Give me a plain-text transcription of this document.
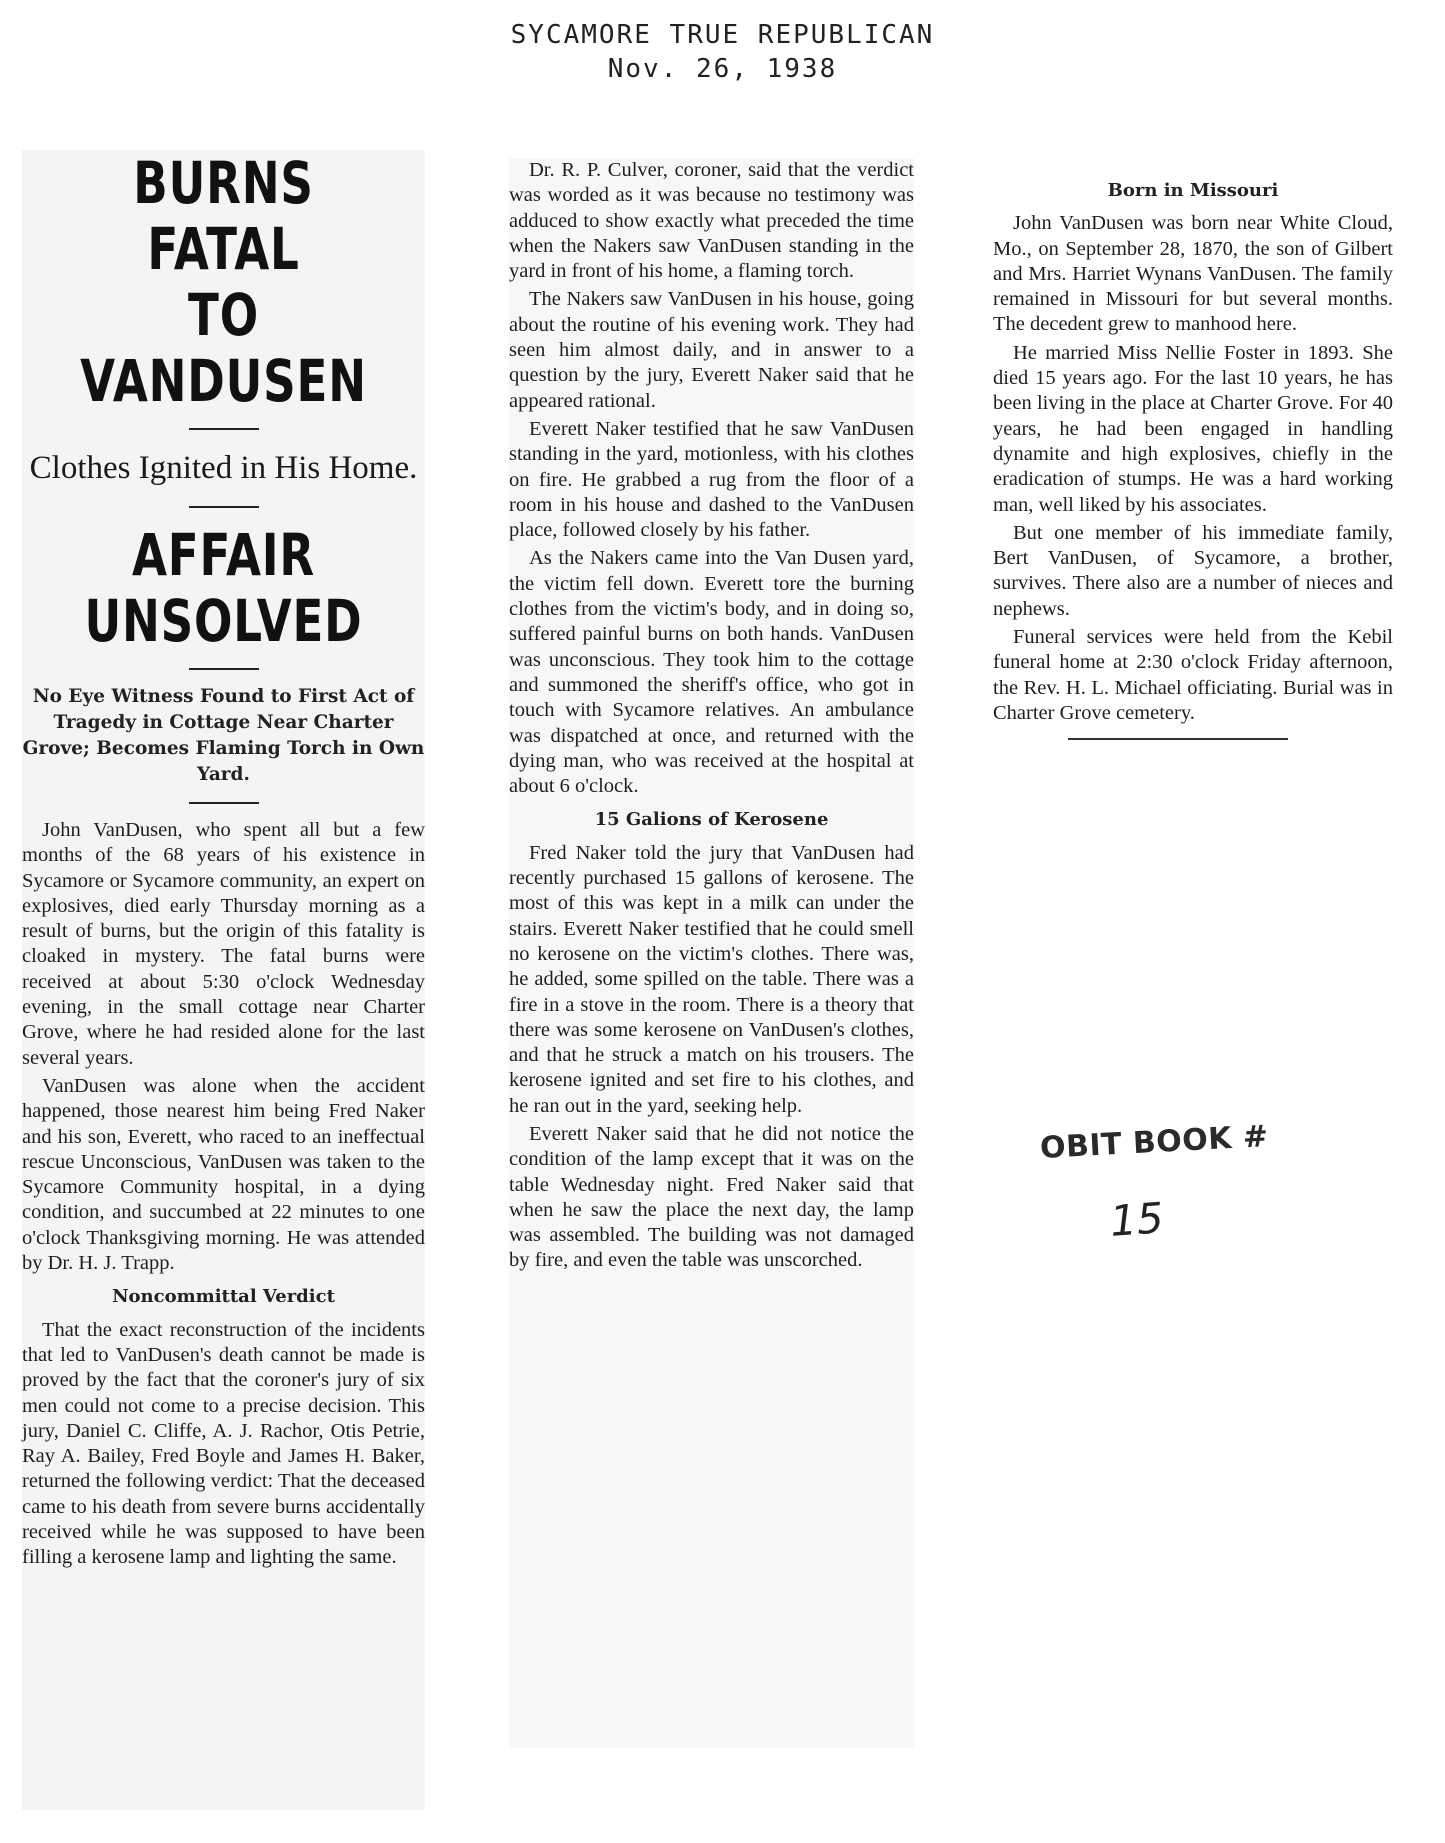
SYCAMORE TRUE REPUBLICAN
Nov. 26, 1938
BURNS FATAL
TO VANDUSEN
Clothes Ignited in His Home.
AFFAIR UNSOLVED
No Eye Witness Found to First Act of Tragedy in Cottage Near Charter Grove; Becomes Flaming Torch in Own Yard.

John VanDusen, who spent all but a few months of the 68 years of his existence in Sycamore or Sycamore community, an expert on explosives, died early Thursday morning as a result of burns, but the origin of this fatality is cloaked in mystery. The fatal burns were received at about 5:30 o'clock Wednesday evening, in the small cottage near Charter Grove, where he had resided alone for the last several years.

VanDusen was alone when the accident happened, those nearest him being Fred Naker and his son, Everett, who raced to an ineffectual rescue Unconscious, VanDusen was taken to the Sycamore Community hospital, in a dying condition, and succumbed at 22 minutes to one o'clock Thanksgiving morning. He was attended by Dr. H. J. Trapp.

Noncommittal Verdict

That the exact reconstruction of the incidents that led to VanDusen's death cannot be made is proved by the fact that the coroner's jury of six men could not come to a precise decision. This jury, Daniel C. Cliffe, A. J. Rachor, Otis Petrie, Ray A. Bailey, Fred Boyle and James H. Baker, returned the following verdict: That the deceased came to his death from severe burns accidentally received while he was supposed to have been filling a kerosene lamp and lighting the same.

Dr. R. P. Culver, coroner, said that the verdict was worded as it was because no testimony was adduced to show exactly what preceded the time when the Nakers saw VanDusen standing in the yard in front of his home, a flaming torch.

The Nakers saw VanDusen in his house, going about the routine of his evening work. They had seen him almost daily, and in answer to a question by the jury, Everett Naker said that he appeared rational.

Everett Naker testified that he saw VanDusen standing in the yard, motionless, with his clothes on fire. He grabbed a rug from the floor of a room in his house and dashed to the VanDusen place, followed closely by his father.

As the Nakers came into the Van Dusen yard, the victim fell down. Everett tore the burning clothes from the victim's body, and in doing so, suffered painful burns on both hands. VanDusen was unconscious. They took him to the cottage and summoned the sheriff's office, who got in touch with Sycamore relatives. An ambulance was dispatched at once, and returned with the dying man, who was received at the hospital at about 6 o'clock.

15 Galions of Kerosene

Fred Naker told the jury that VanDusen had recently purchased 15 gallons of kerosene. The most of this was kept in a milk can under the stairs. Everett Naker testified that he could smell no kerosene on the victim's clothes. There was, he added, some spilled on the table. There was a fire in a stove in the room. There is a theory that there was some kerosene on VanDusen's clothes, and that he struck a match on his trousers. The kerosene ignited and set fire to his clothes, and he ran out in the yard, seeking help.

Everett Naker said that he did not notice the condition of the lamp except that it was on the table Wednesday night. Fred Naker said that when he saw the place the next day, the lamp was assembled. The building was not damaged by fire, and even the table was unscorched.

Born in Missouri

John VanDusen was born near White Cloud, Mo., on September 28, 1870, the son of Gilbert and Mrs. Harriet Wynans VanDusen. The family remained in Missouri for but several months. The decedent grew to manhood here.

He married Miss Nellie Foster in 1893. She died 15 years ago. For the last 10 years, he has been living in the place at Charter Grove. For 40 years, he had been engaged in handling dynamite and high explosives, chiefly in the eradication of stumps. He was a hard working man, well liked by his associates.

But one member of his immediate family, Bert VanDusen, of Sycamore, a brother, survives. There also are a number of nieces and nephews.

Funeral services were held from the Kebil funeral home at 2:30 o'clock Friday afternoon, the Rev. H. L. Michael officiating. Burial was in Charter Grove cemetery.

OBIT BOOK #
15
